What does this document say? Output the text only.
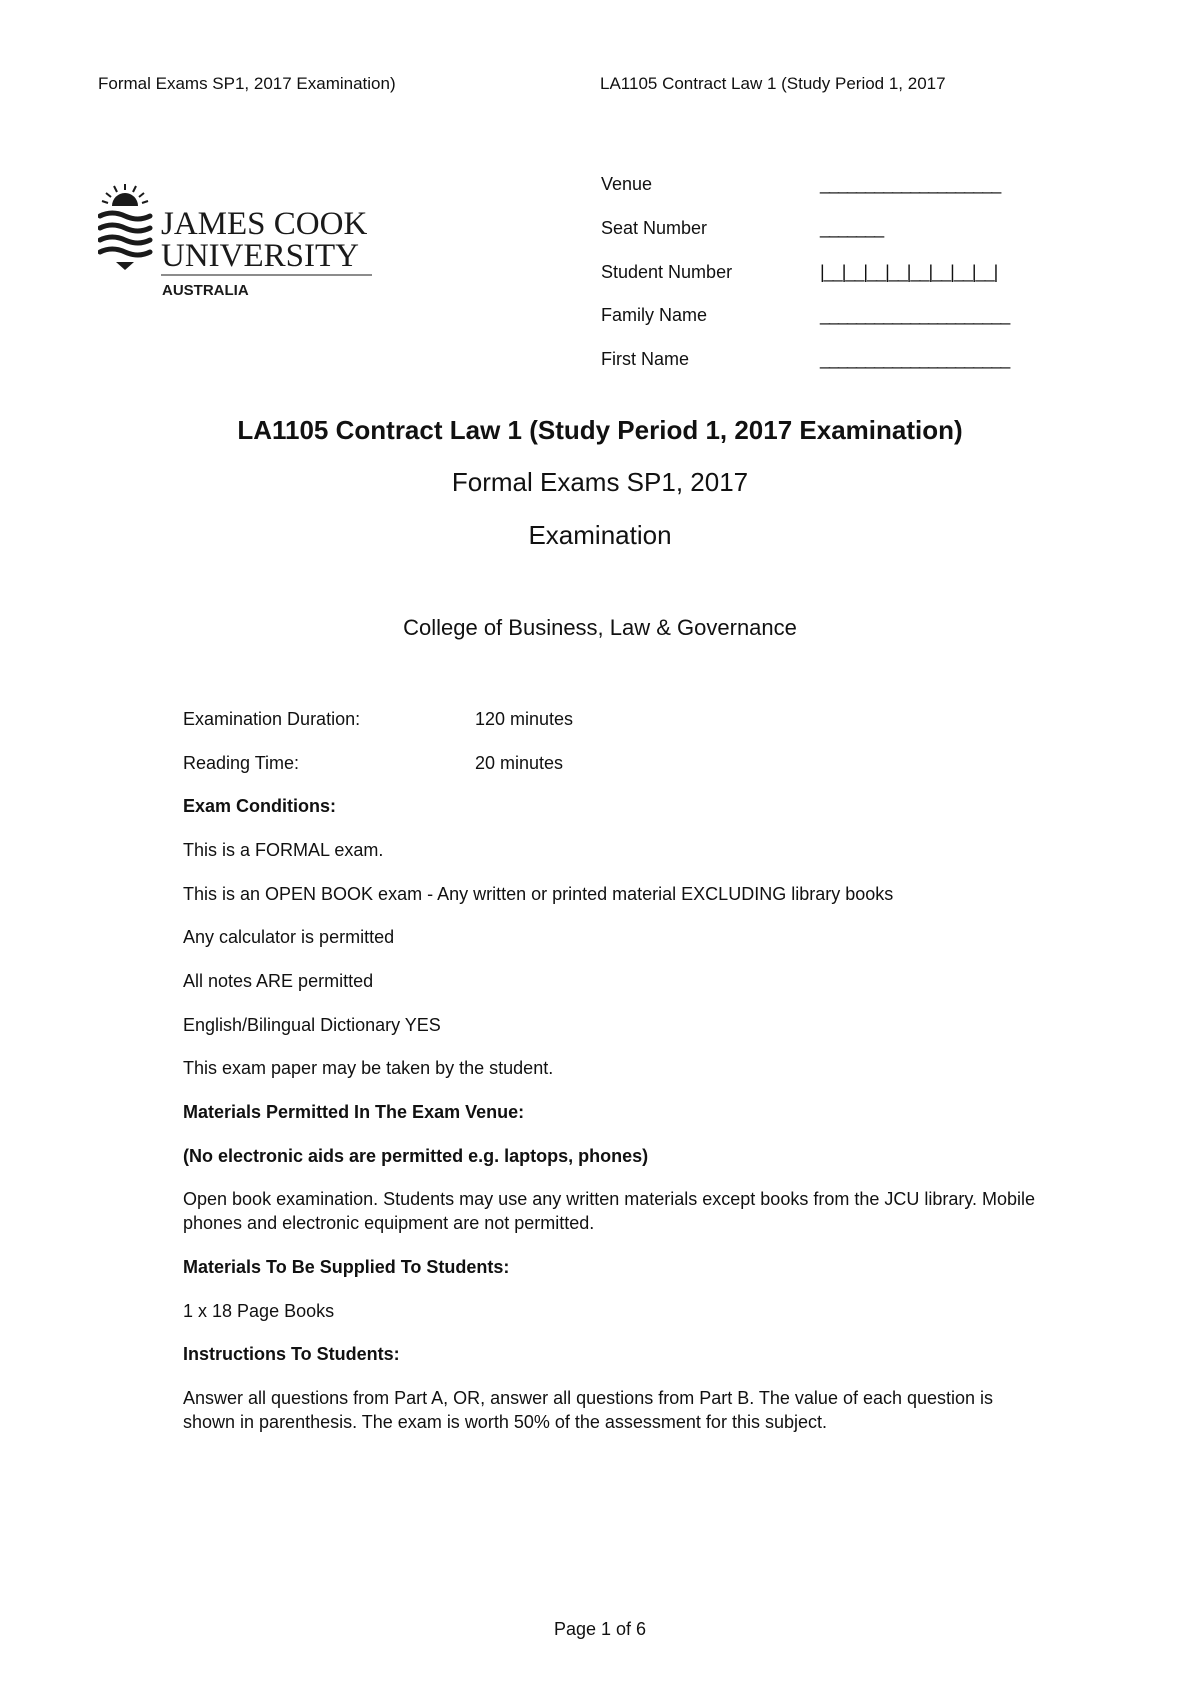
Formal Exams SP1, 2017 Examination)	LA1105 Contract Law 1 (Study Period 1, 2017

JAMES COOK
UNIVERSITY
AUSTRALIA

Venue	____________________

Seat Number	_______

Student Number	|__|__|__|__|__|__|__|__|

Family Name	_____________________

First Name	_____________________

LA1105 Contract Law 1 (Study Period 1, 2017 Examination)

Formal Exams SP1, 2017

Examination

College of Business, Law & Governance

Examination Duration:	120 minutes

Reading Time:	20 minutes

Exam Conditions:

This is a FORMAL exam.

This is an OPEN BOOK exam - Any written or printed material EXCLUDING library books

Any calculator is permitted

All notes ARE permitted

English/Bilingual Dictionary YES

This exam paper may be taken by the student.

Materials Permitted In The Exam Venue:

(No electronic aids are permitted e.g. laptops, phones)

Open book examination. Students may use any written materials except books from the JCU library. Mobile phones and electronic equipment are not permitted.

Materials To Be Supplied To Students:

1 x 18 Page Books

Instructions To Students:

Answer all questions from Part A, OR, answer all questions from Part B. The value of each question is shown in parenthesis. The exam is worth 50% of the assessment for this subject.

Page 1 of 6
